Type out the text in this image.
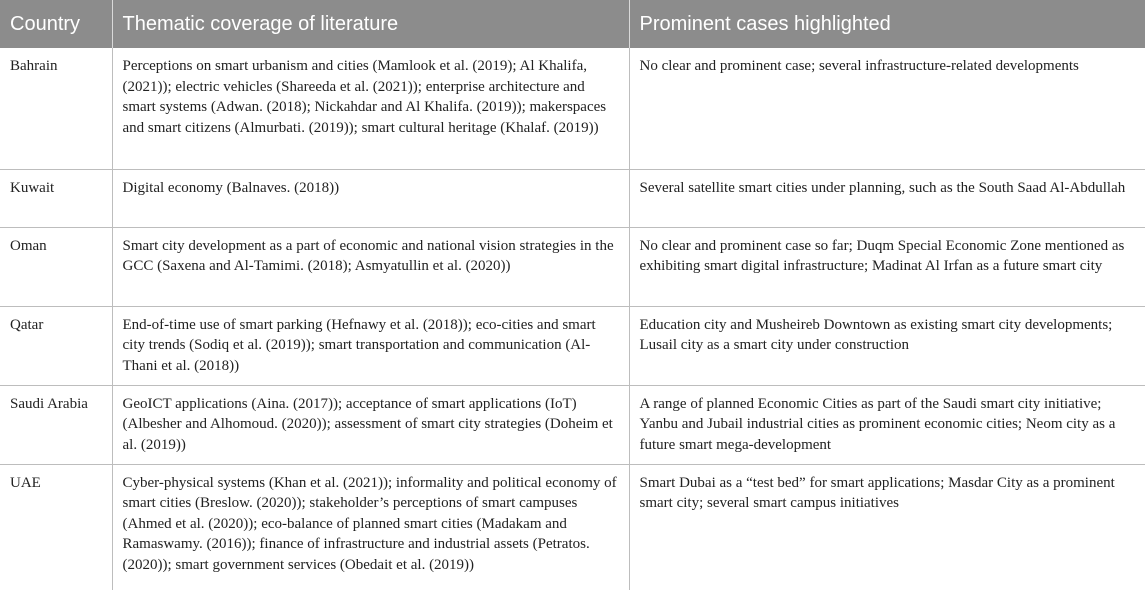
Country	Thematic coverage of literature	Prominent cases highlighted
Bahrain	Perceptions on smart urbanism and cities (Mamlook et al. (2019); Al Khalifa, (2021)); electric vehicles (Shareeda et al. (2021)); enterprise architecture and smart systems (Adwan. (2018); Nickahdar and Al Khalifa. (2019)); makerspaces and smart citizens (Almurbati. (2019)); smart cultural heritage (Khalaf. (2019))	No clear and prominent case; several infrastructure-related developments
Kuwait	Digital economy (Balnaves. (2018))	Several satellite smart cities under planning, such as the South Saad Al-Abdullah
Oman	Smart city development as a part of economic and national vision strategies in the GCC (Saxena and Al-Tamimi. (2018); Asmyatullin et al. (2020))	No clear and prominent case so far; Duqm Special Economic Zone mentioned as exhibiting smart digital infrastructure; Madinat Al Irfan as a future smart city
Qatar	End-of-time use of smart parking (Hefnawy et al. (2018)); eco-cities and smart city trends (Sodiq et al. (2019)); smart transportation and communication (Al-Thani et al. (2018))	Education city and Musheireb Downtown as existing smart city developments; Lusail city as a smart city under construction
Saudi Arabia	GeoICT applications (Aina. (2017)); acceptance of smart applications (IoT) (Albesher and Alhomoud. (2020)); assessment of smart city strategies (Doheim et al. (2019))	A range of planned Economic Cities as part of the Saudi smart city initiative; Yanbu and Jubail industrial cities as prominent economic cities; Neom city as a future smart mega-development
UAE	Cyber-physical systems (Khan et al. (2021)); informality and political economy of smart cities (Breslow. (2020)); stakeholder’s perceptions of smart campuses (Ahmed et al. (2020)); eco-balance of planned smart cities (Madakam and Ramaswamy. (2016)); finance of infrastructure and industrial assets (Petratos. (2020)); smart government services (Obedait et al. (2019))	Smart Dubai as a “test bed” for smart applications; Masdar City as a prominent smart city; several smart campus initiatives
